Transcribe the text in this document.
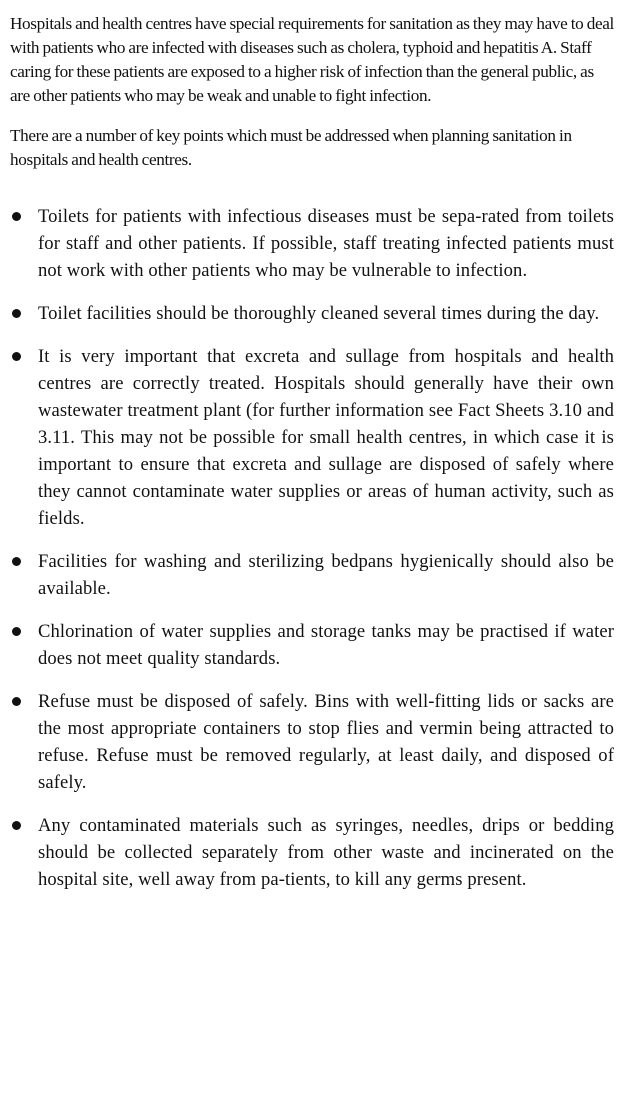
Hospitals and health centres have special requirements for sanitation as they may have to deal with patients who are infected with diseases such as cholera, typhoid and hepatitis A. Staff caring for these patients are exposed to a higher risk of infection than the general public, as are other patients who may be weak and unable to fight infection.

There are a number of key points which must be addressed when planning sanitation in hospitals and health centres.

Toilets for patients with infectious diseases must be sepa-rated from toilets for staff and other patients. If possible, staff treating infected patients must not work with other patients who may be vulnerable to infection.
Toilet facilities should be thoroughly cleaned several times during the day.
It is very important that excreta and sullage from hospitals and health centres are correctly treated. Hospitals should generally have their own wastewater treatment plant (for further information see Fact Sheets 3.10 and 3.11. This may not be possible for small health centres, in which case it is important to ensure that excreta and sullage are disposed of safely where they cannot contaminate water supplies or areas of human activity, such as fields.
Facilities for washing and sterilizing bedpans hygienically should also be available.
Chlorination of water supplies and storage tanks may be practised if water does not meet quality standards.
Refuse must be disposed of safely. Bins with well-fitting lids or sacks are the most appropriate containers to stop flies and vermin being attracted to refuse. Refuse must be removed regularly, at least daily, and disposed of safely.
Any contaminated materials such as syringes, needles, drips or bedding should be collected separately from other waste and incinerated on the hospital site, well away from pa-tients, to kill any germs present.
